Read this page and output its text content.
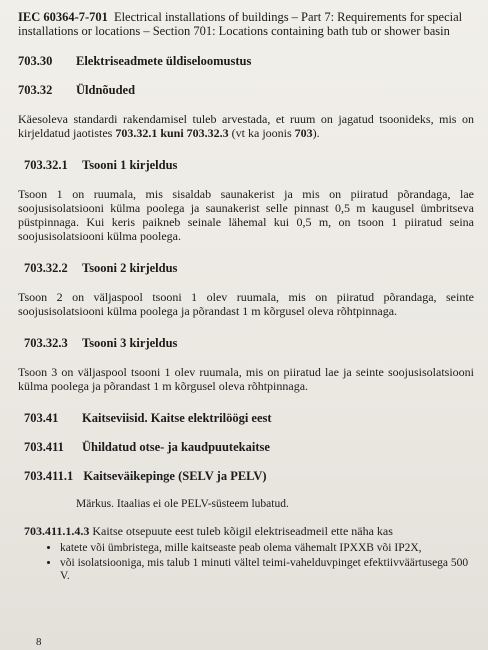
IEC 60364-7-701 Electrical installations of buildings – Part 7: Requirements for special installations or locations – Section 701: Locations containing bath tub or shower basin
703.30 Elektriseadmete üldiseloomustus
703.32 Üldnõuded

Käesoleva standardi rakendamisel tuleb arvestada, et ruum on jagatud tsoonideks, mis on kirjeldatud jaotistes 703.32.1 kuni 703.32.3 (vt ka joonis 703).

703.32.1 Tsooni 1 kirjeldus

Tsoon 1 on ruumala, mis sisaldab saunakerist ja mis on piiratud põrandaga, lae soojusisolatsiooni külma poolega ja saunakerist selle pinnast 0,5 m kaugusel ümbritseva püstpinnaga. Kui keris paikneb seinale lähemal kui 0,5 m, on tsoon 1 piiratud seina soojusisolatsiooni külma poolega.

703.32.2 Tsooni 2 kirjeldus

Tsoon 2 on väljaspool tsooni 1 olev ruumala, mis on piiratud põrandaga, seinte soojusisolatsiooni külma poolega ja põrandast 1 m kõrgusel oleva rõhtpinnaga.

703.32.3 Tsooni 3 kirjeldus

Tsoon 3 on väljaspool tsooni 1 olev ruumala, mis on piiratud lae ja seinte soojusisolatsiooni külma poolega ja põrandast 1 m kõrgusel oleva rõhtpinnaga.

703.41 Kaitseviisid. Kaitse elektrilöögi eest
703.411 Ühildatud otse- ja kaudpuutekaitse
703.411.1 Kaitseväikepinge (SELV ja PELV)
Märkus. Itaalias ei ole PELV-süsteem lubatud.
703.411.1.4.3 Kaitse otsepuute eest tuleb kõigil elektriseadmeil ette näha kas
• katete või ümbristega, mille kaitseaste peab olema vähemalt IPXXB või IP2X,
• või isolatsiooniga, mis talub 1 minuti vältel teimi-vahelduvpinget efektiivväärtusega 500 V.
8
